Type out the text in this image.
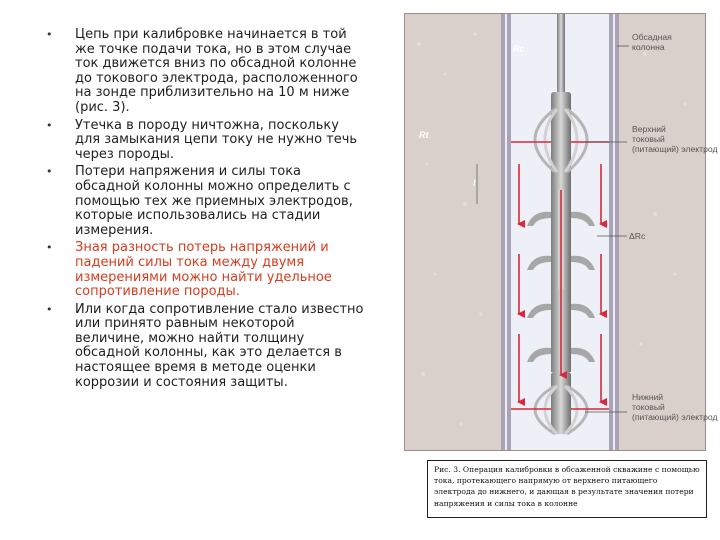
• Цепь при калибровке начинается в той же точке подачи тока, но в этом случае ток движется вниз по обсадной колонне до токового электрода, расположенного на зонде приблизительно на 10 м ниже (рис. 3).
• Утечка в породу ничтожна, поскольку для замыкания цепи току не нужно течь через породы.
• Потери напряжения и силы тока обсадной колонны можно определить с помощью тех же приемных электродов, которые использовались на стадии измерения.
• Зная разность потерь напряжений и падений силы тока между двумя измерениями можно найти удельное сопротивление породы.
• Или когда сопротивление стало известно или принято равным некоторой величине, можно найти толщину обсадной колонны, как это делается в настоящее время в методе оценки коррозии и состояния защиты.
Обсадная колонна
Rc
Rt
I
Верхний токовый (питающий) электрод
ΔRc
Нижний токовый (питающий) электрод
Рис. 3. Операция калибровки в обсаженной скважине с помощью тока, протекающего напрямую от верхнего питающего электрода до нижнего, и дающая в результате значения потери напряжения и силы тока в колонне
